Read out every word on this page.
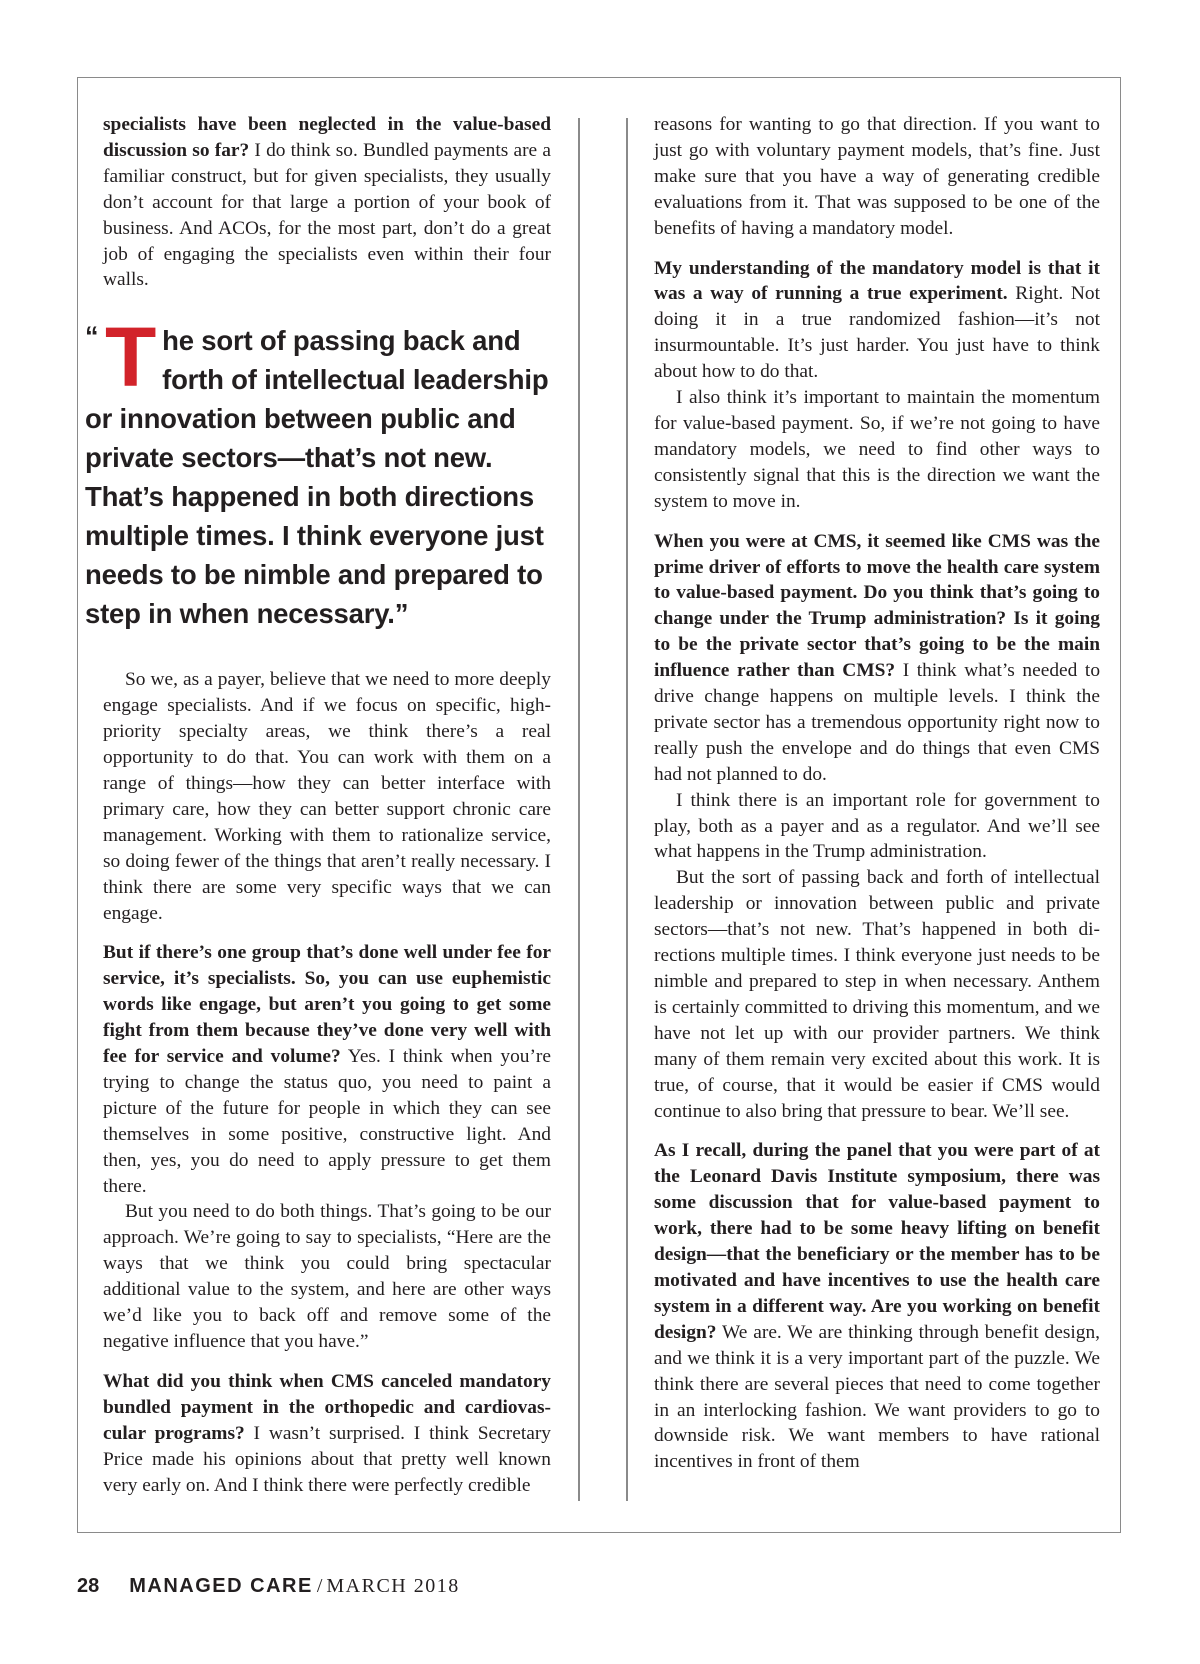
specialists have been neglected in the value-based discussion so far? I do think so. Bundled payments are a familiar construct, but for given specialists, they usually don’t account for that large a portion of your book of business. And ACOs, for the most part, don’t do a great job of engaging the specialists even within their four walls.

“ T he sort of passing back and forth of intellectual leadership or innovation between public and private sectors—that’s not new. That’s happened in both directions multiple times. I think everyone just needs to be nimble and prepared to step in when necessary.”

So we, as a payer, believe that we need to more deeply engage specialists. And if we focus on specific, high-priority specialty areas, we think there’s a real opportunity to do that. You can work with them on a range of things—how they can better interface with primary care, how they can better support chronic care management. Working with them to rationalize service, so doing fewer of the things that aren’t really necessary. I think there are some very specific ways that we can engage.

But if there’s one group that’s done well under fee for service, it’s specialists. So, you can use euphemistic words like engage, but aren’t you going to get some fight from them because they’ve done very well with fee for service and volume? Yes. I think when you’re trying to change the status quo, you need to paint a picture of the future for people in which they can see themselves in some positive, constructive light. And then, yes, you do need to apply pressure to get them there.

But you need to do both things. That’s going to be our approach. We’re going to say to specialists, “Here are the ways that we think you could bring spectacular additional value to the system, and here are other ways we’d like you to back off and remove some of the negative influence that you have.”

What did you think when CMS canceled mandatory bundled payment in the orthopedic and cardiovascular programs? I wasn’t surprised. I think Secretary Price made his opinions about that pretty well known very early on. And I think there were perfectly credible

reasons for wanting to go that direction. If you want to just go with voluntary payment models, that’s fine. Just make sure that you have a way of generating credible evaluations from it. That was supposed to be one of the benefits of having a mandatory model.

My understanding of the mandatory model is that it was a way of running a true experiment. Right. Not doing it in a true randomized fashion—it’s not insurmountable. It’s just harder. You just have to think about how to do that.

I also think it’s important to maintain the momentum for value-based payment. So, if we’re not going to have mandatory models, we need to find other ways to consistently signal that this is the direction we want the system to move in.

When you were at CMS, it seemed like CMS was the prime driver of efforts to move the health care system to value-based payment. Do you think that’s going to change under the Trump administration? Is it going to be the private sector that’s going to be the main influence rather than CMS? I think what’s needed to drive change happens on multiple levels. I think the private sector has a tremendous opportunity right now to really push the envelope and do things that even CMS had not planned to do.

I think there is an important role for government to play, both as a payer and as a regulator. And we’ll see what happens in the Trump administration.

But the sort of passing back and forth of intellectual leadership or innovation between public and private sectors—that’s not new. That’s happened in both directions multiple times. I think everyone just needs to be nimble and prepared to step in when necessary. Anthem is certainly committed to driving this momentum, and we have not let up with our provider partners. We think many of them remain very excited about this work. It is true, of course, that it would be easier if CMS would continue to also bring that pressure to bear. We’ll see.

As I recall, during the panel that you were part of at the Leonard Davis Institute symposium, there was some discussion that for value-based payment to work, there had to be some heavy lifting on benefit design—that the beneficiary or the member has to be motivated and have incentives to use the health care system in a different way. Are you working on benefit design? We are. We are thinking through benefit design, and we think it is a very important part of the puzzle. We think there are several pieces that need to come together in an interlocking fashion. We want providers to go to downside risk. We want members to have rational incentives in front of them

28 MANAGED CARE / MARCH 2018
